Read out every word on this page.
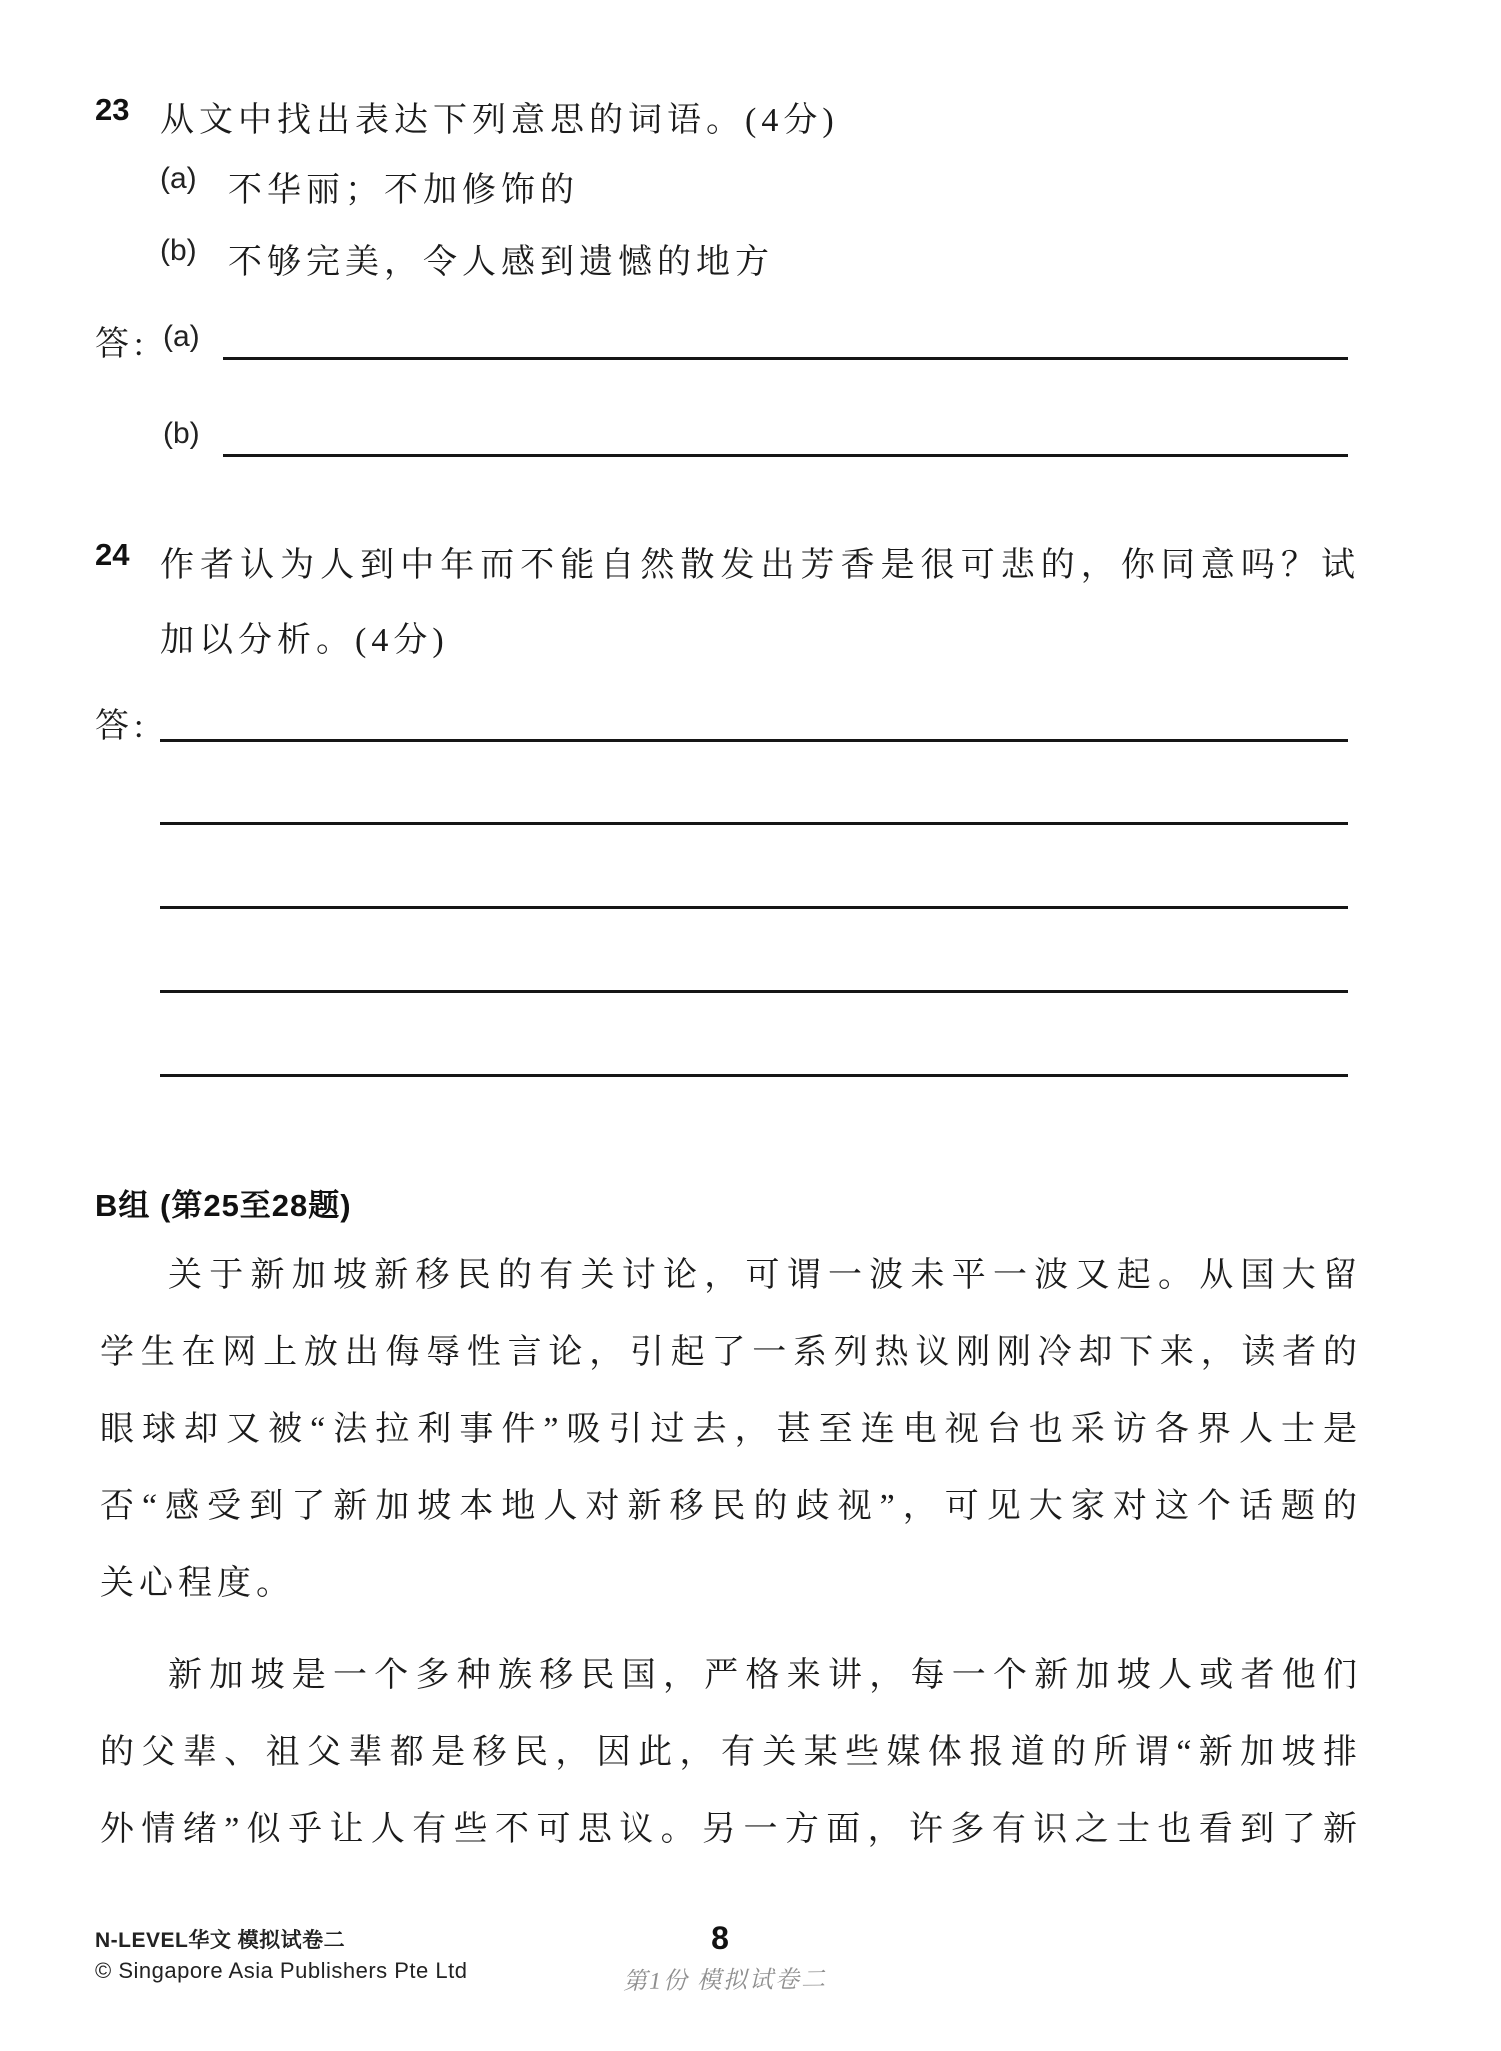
23 从文中找出表达下列意思的词语。(4分)
(a) 不华丽；不加修饰的
(b) 不够完美，令人感到遗憾的地方
答: (a)
(b)
24 作者认为人到中年而不能自然散发出芳香是很可悲的，你同意吗？试
加以分析。(4分)
答:
B组 (第25至28题)
关于新加坡新移民的有关讨论，可谓一波未平一波又起。从国大留
学生在网上放出侮辱性言论，引起了一系列热议刚刚冷却下来，读者的
眼球却又被“法拉利事件”吸引过去，甚至连电视台也采访各界人士是
否“感受到了新加坡本地人对新移民的歧视”，可见大家对这个话题的
关心程度。
新加坡是一个多种族移民国，严格来讲，每一个新加坡人或者他们
的父辈、祖父辈都是移民，因此，有关某些媒体报道的所谓“新加坡排
外情绪”似乎让人有些不可思议。另一方面，许多有识之士也看到了新
N-LEVEL华文 模拟试卷二
© Singapore Asia Publishers Pte Ltd
8
第1份 模拟试卷二
